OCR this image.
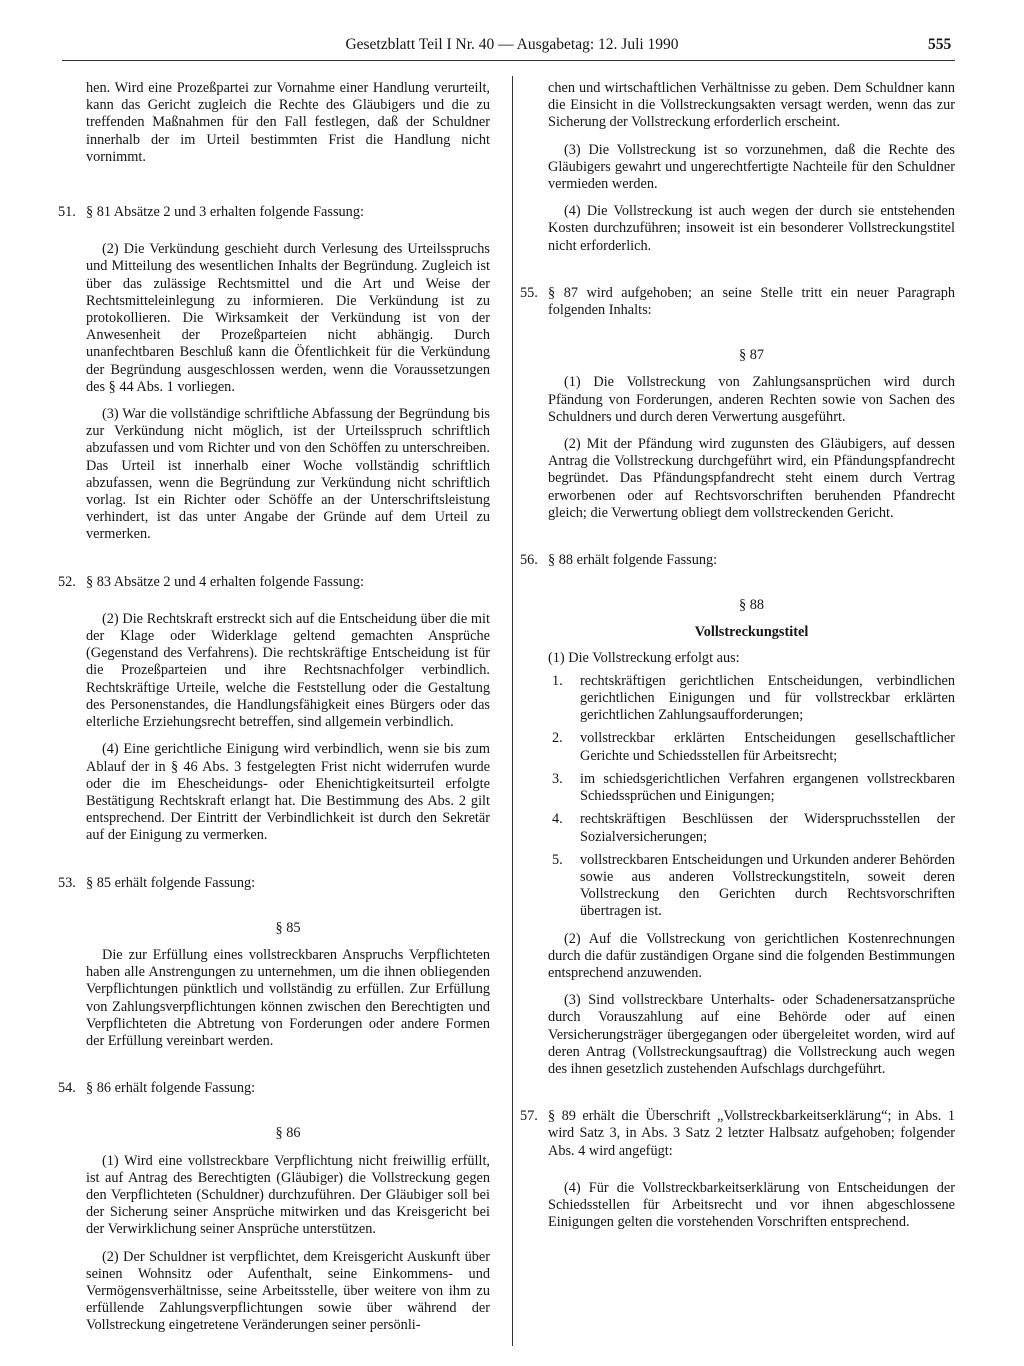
Gesetzblatt Teil I Nr. 40 — Ausgabetag: 12. Juli 1990	555

hen. Wird eine Prozeßpartei zur Vornahme einer Handlung verurteilt, kann das Gericht zugleich die Rechte des Gläubigers und die zu treffenden Maßnahmen für den Fall festlegen, daß der Schuldner innerhalb der im Urteil bestimmten Frist die Handlung nicht vornimmt.

51. § 81 Absätze 2 und 3 erhalten folgende Fassung:

(2) Die Verkündung geschieht durch Verlesung des Urteilsspruchs und Mitteilung des wesentlichen Inhalts der Begründung. Zugleich ist über das zulässige Rechtsmittel und die Art und Weise der Rechtsmitteleinlegung zu informieren. Die Verkündung ist zu protokollieren. Die Wirksamkeit der Verkündung ist von der Anwesenheit der Prozeßparteien nicht abhängig. Durch unanfechtbaren Beschluß kann die Öfentlichkeit für die Verkündung der Begründung ausgeschlossen werden, wenn die Voraussetzungen des § 44 Abs. 1 vorliegen.

(3) War die vollständige schriftliche Abfassung der Begründung bis zur Verkündung nicht möglich, ist der Urteilsspruch schriftlich abzufassen und vom Richter und von den Schöffen zu unterschreiben. Das Urteil ist innerhalb einer Woche vollständig schriftlich abzufassen, wenn die Begründung zur Verkündung nicht schriftlich vorlag. Ist ein Richter oder Schöffe an der Unterschriftsleistung verhindert, ist das unter Angabe der Gründe auf dem Urteil zu vermerken.

52. § 83 Absätze 2 und 4 erhalten folgende Fassung:

(2) Die Rechtskraft erstreckt sich auf die Entscheidung über die mit der Klage oder Widerklage geltend gemachten Ansprüche (Gegenstand des Verfahrens). Die rechtskräftige Entscheidung ist für die Prozeßparteien und ihre Rechtsnachfolger verbindlich. Rechtskräftige Urteile, welche die Feststellung oder die Gestaltung des Personenstandes, die Handlungsfähigkeit eines Bürgers oder das elterliche Erziehungsrecht betreffen, sind allgemein verbindlich.

(4) Eine gerichtliche Einigung wird verbindlich, wenn sie bis zum Ablauf der in § 46 Abs. 3 festgelegten Frist nicht widerrufen wurde oder die im Ehescheidungs- oder Ehenichtigkeitsurteil erfolgte Bestätigung Rechtskraft erlangt hat. Die Bestimmung des Abs. 2 gilt entsprechend. Der Eintritt der Verbindlichkeit ist durch den Sekretär auf der Einigung zu vermerken.

53. § 85 erhält folgende Fassung:
§ 85

Die zur Erfüllung eines vollstreckbaren Anspruchs Verpflichteten haben alle Anstrengungen zu unternehmen, um die ihnen obliegenden Verpflichtungen pünktlich und vollständig zu erfüllen. Zur Erfüllung von Zahlungsverpflichtungen können zwischen den Berechtigten und Verpflichteten die Abtretung von Forderungen oder andere Formen der Erfüllung vereinbart werden.

54. § 86 erhält folgende Fassung:
§ 86

(1) Wird eine vollstreckbare Verpflichtung nicht freiwillig erfüllt, ist auf Antrag des Berechtigten (Gläubiger) die Vollstreckung gegen den Verpflichteten (Schuldner) durchzuführen. Der Gläubiger soll bei der Sicherung seiner Ansprüche mitwirken und das Kreisgericht bei der Verwirklichung seiner Ansprüche unterstützen.

(2) Der Schuldner ist verpflichtet, dem Kreisgericht Auskunft über seinen Wohnsitz oder Aufenthalt, seine Einkommens- und Vermögensverhältnisse, seine Arbeitsstelle, über weitere von ihm zu erfüllende Zahlungsverpflichtungen sowie über während der Vollstreckung eingetretene Veränderungen seiner persönli-

chen und wirtschaftlichen Verhältnisse zu geben. Dem Schuldner kann die Einsicht in die Vollstreckungsakten versagt werden, wenn das zur Sicherung der Vollstreckung erforderlich erscheint.

(3) Die Vollstreckung ist so vorzunehmen, daß die Rechte des Gläubigers gewahrt und ungerechtfertigte Nachteile für den Schuldner vermieden werden.

(4) Die Vollstreckung ist auch wegen der durch sie entstehenden Kosten durchzuführen; insoweit ist ein besonderer Vollstreckungstitel nicht erforderlich.

55. § 87 wird aufgehoben; an seine Stelle tritt ein neuer Paragraph folgenden Inhalts:
§ 87

(1) Die Vollstreckung von Zahlungsansprüchen wird durch Pfändung von Forderungen, anderen Rechten sowie von Sachen des Schuldners und durch deren Verwertung ausgeführt.

(2) Mit der Pfändung wird zugunsten des Gläubigers, auf dessen Antrag die Vollstreckung durchgeführt wird, ein Pfändungspfandrecht begründet. Das Pfändungspfandrecht steht einem durch Vertrag erworbenen oder auf Rechtsvorschriften beruhenden Pfandrecht gleich; die Verwertung obliegt dem vollstreckenden Gericht.

56. § 88 erhält folgende Fassung:
§ 88
Vollstreckungstitel

(1) Die Vollstreckung erfolgt aus:

1. rechtskräftigen gerichtlichen Entscheidungen, verbindlichen gerichtlichen Einigungen und für vollstreckbar erklärten gerichtlichen Zahlungsaufforderungen;
2. vollstreckbar erklärten Entscheidungen gesellschaftlicher Gerichte und Schiedsstellen für Arbeitsrecht;
3. im schiedsgerichtlichen Verfahren ergangenen vollstreckbaren Schiedssprüchen und Einigungen;
4. rechtskräftigen Beschlüssen der Widerspruchsstellen der Sozialversicherungen;
5. vollstreckbaren Entscheidungen und Urkunden anderer Behörden sowie aus anderen Vollstreckungstiteln, soweit deren Vollstreckung den Gerichten durch Rechtsvorschriften übertragen ist.

(2) Auf die Vollstreckung von gerichtlichen Kostenrechnungen durch die dafür zuständigen Organe sind die folgenden Bestimmungen entsprechend anzuwenden.

(3) Sind vollstreckbare Unterhalts- oder Schadenersatzansprüche durch Vorauszahlung auf eine Behörde oder auf einen Versicherungsträger übergegangen oder übergeleitet worden, wird auf deren Antrag (Vollstreckungsauftrag) die Vollstreckung auch wegen des ihnen gesetzlich zustehenden Aufschlags durchgeführt.

57. § 89 erhält die Überschrift „Vollstreckbarkeitserklärung“; in Abs. 1 wird Satz 3, in Abs. 3 Satz 2 letzter Halbsatz aufgehoben; folgender Abs. 4 wird angefügt:

(4) Für die Vollstreckbarkeitserklärung von Entscheidungen der Schiedsstellen für Arbeitsrecht und vor ihnen abgeschlossene Einigungen gelten die vorstehenden Vorschriften entsprechend.
